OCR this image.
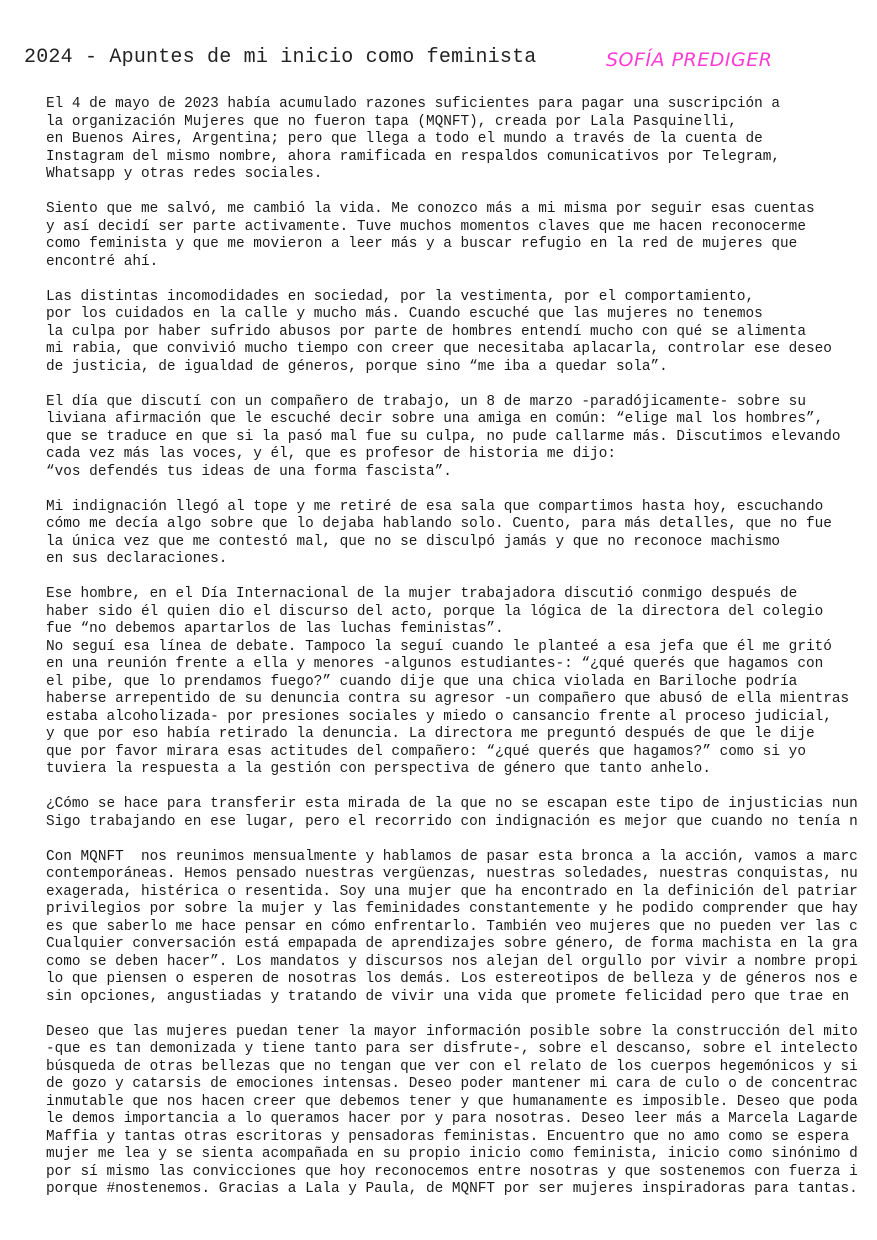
2024 - Apuntes de mi inicio como feminista	SOFÍA PREDIGER
El 4 de mayo de 2023 había acumulado razones suficientes para pagar una suscripción a
la organización Mujeres que no fueron tapa (MQNFT), creada por Lala Pasquinelli,
en Buenos Aires, Argentina; pero que llega a todo el mundo a través de la cuenta de
Instagram del mismo nombre, ahora ramificada en respaldos comunicativos por Telegram,
Whatsapp y otras redes sociales.
Siento que me salvó, me cambió la vida. Me conozco más a mi misma por seguir esas cuentas
y así decidí ser parte activamente. Tuve muchos momentos claves que me hacen reconocerme
como feminista y que me movieron a leer más y a buscar refugio en la red de mujeres que
encontré ahí.
Las distintas incomodidades en sociedad, por la vestimenta, por el comportamiento,
por los cuidados en la calle y mucho más. Cuando escuché que las mujeres no tenemos
la culpa por haber sufrido abusos por parte de hombres entendí mucho con qué se alimenta
mi rabia, que convivió mucho tiempo con creer que necesitaba aplacarla, controlar ese deseo
de justicia, de igualdad de géneros, porque sino “me iba a quedar sola”.
El día que discutí con un compañero de trabajo, un 8 de marzo -paradójicamente- sobre su
liviana afirmación que le escuché decir sobre una amiga en común: “elige mal los hombres”,
que se traduce en que si la pasó mal fue su culpa, no pude callarme más. Discutimos elevando
cada vez más las voces, y él, que es profesor de historia me dijo:
“vos defendés tus ideas de una forma fascista”.
Mi indignación llegó al tope y me retiré de esa sala que compartimos hasta hoy, escuchando
cómo me decía algo sobre que lo dejaba hablando solo. Cuento, para más detalles, que no fue
la única vez que me contestó mal, que no se disculpó jamás y que no reconoce machismo
en sus declaraciones.
Ese hombre, en el Día Internacional de la mujer trabajadora discutió conmigo después de
haber sido él quien dio el discurso del acto, porque la lógica de la directora del colegio
fue “no debemos apartarlos de las luchas feministas”.
No seguí esa línea de debate. Tampoco la seguí cuando le planteé a esa jefa que él me gritó
en una reunión frente a ella y menores -algunos estudiantes-: “¿qué querés que hagamos con
el pibe, que lo prendamos fuego?” cuando dije que una chica violada en Bariloche podría
haberse arrepentido de su denuncia contra su agresor -un compañero que abusó de ella mientras
estaba alcoholizada- por presiones sociales y miedo o cansancio frente al proceso judicial,
y que por eso había retirado la denuncia. La directora me preguntó después de que le dije
que por favor mirara esas actitudes del compañero: “¿qué querés que hagamos?” como si yo
tuviera la respuesta a la gestión con perspectiva de género que tanto anhelo.
¿Cómo se hace para transferir esta mirada de la que no se escapan este tipo de injusticias nun
Sigo trabajando en ese lugar, pero el recorrido con indignación es mejor que cuando no tenía n
Con MQNFT  nos reunimos mensualmente y hablamos de pasar esta bronca a la acción, vamos a marc
contemporáneas. Hemos pensado nuestras vergüenzas, nuestras soledades, nuestras conquistas, nu
exagerada, histérica o resentida. Soy una mujer que ha encontrado en la definición del patriar
privilegios por sobre la mujer y las feminidades constantemente y he podido comprender que hay
es que saberlo me hace pensar en cómo enfrentarlo. También veo mujeres que no pueden ver las c
Cualquier conversación está empapada de aprendizajes sobre género, de forma machista en la gra
como se deben hacer”. Los mandatos y discursos nos alejan del orgullo por vivir a nombre propi
lo que piensen o esperen de nosotras los demás. Los estereotipos de belleza y de géneros nos e
sin opciones, angustiadas y tratando de vivir una vida que promete felicidad pero que trae en
Deseo que las mujeres puedan tener la mayor información posible sobre la construcción del mito
-que es tan demonizada y tiene tanto para ser disfrute-, sobre el descanso, sobre el intelecto
búsqueda de otras bellezas que no tengan que ver con el relato de los cuerpos hegemónicos y si
de gozo y catarsis de emociones intensas. Deseo poder mantener mi cara de culo o de concentrac
inmutable que nos hacen creer que debemos tener y que humanamente es imposible. Deseo que poda
le demos importancia a lo queramos hacer por y para nosotras. Deseo leer más a Marcela Lagarde
Maffia y tantas otras escritoras y pensadoras feministas. Encuentro que no amo como se espera
mujer me lea y se sienta acompañada en su propio inicio como feminista, inicio como sinónimo d
por sí mismo las convicciones que hoy reconocemos entre nosotras y que sostenemos con fuerza i
porque #nostenemos. Gracias a Lala y Paula, de MQNFT por ser mujeres inspiradoras para tantas.
